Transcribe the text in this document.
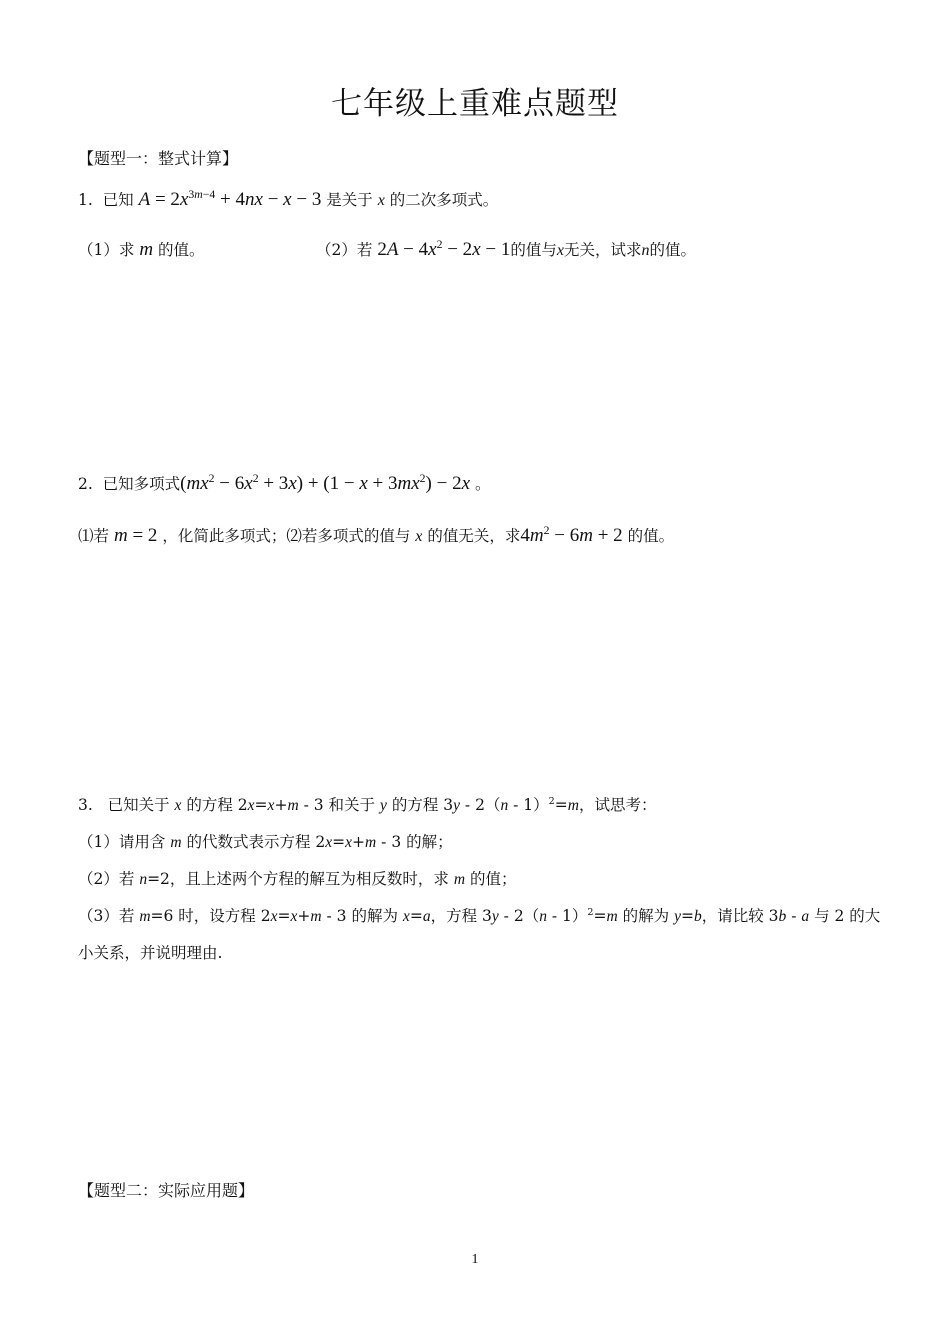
七年级上重难点题型
【题型一：整式计算】
1. 已知 $A = 2x^{3m-4} + 4nx - x - 3$ 是关于 x 的二次多项式。
（1）求 m 的值。	（2）若 $2A - 4x^2 - 2x - 1$的值与x无关，试求n的值。
2. 已知多项式$(mx^2 - 6x^2 + 3x) + (1 - x + 3mx^2) - 2x$ 。
⑴若 m = 2 ，化简此多项式；⑵若多项式的值与 x 的值无关，求$4m^2 - 6m + 2$ 的值。
3. 已知关于 x 的方程 2x=x+m - 3 和关于 y 的方程 3y - 2（n - 1）$^2$=m，试思考：
（1）请用含 m 的代数式表示方程 2x=x+m - 3 的解；
（2）若 n=2，且上述两个方程的解互为相反数时，求 m 的值；
（3）若 m=6 时，设方程 2x=x+m - 3 的解为 x=a，方程 3y - 2（n - 1）$^2$=m 的解为 y=b，请比较 3b - a 与 2 的大
小关系，并说明理由.
【题型二：实际应用题】
1
